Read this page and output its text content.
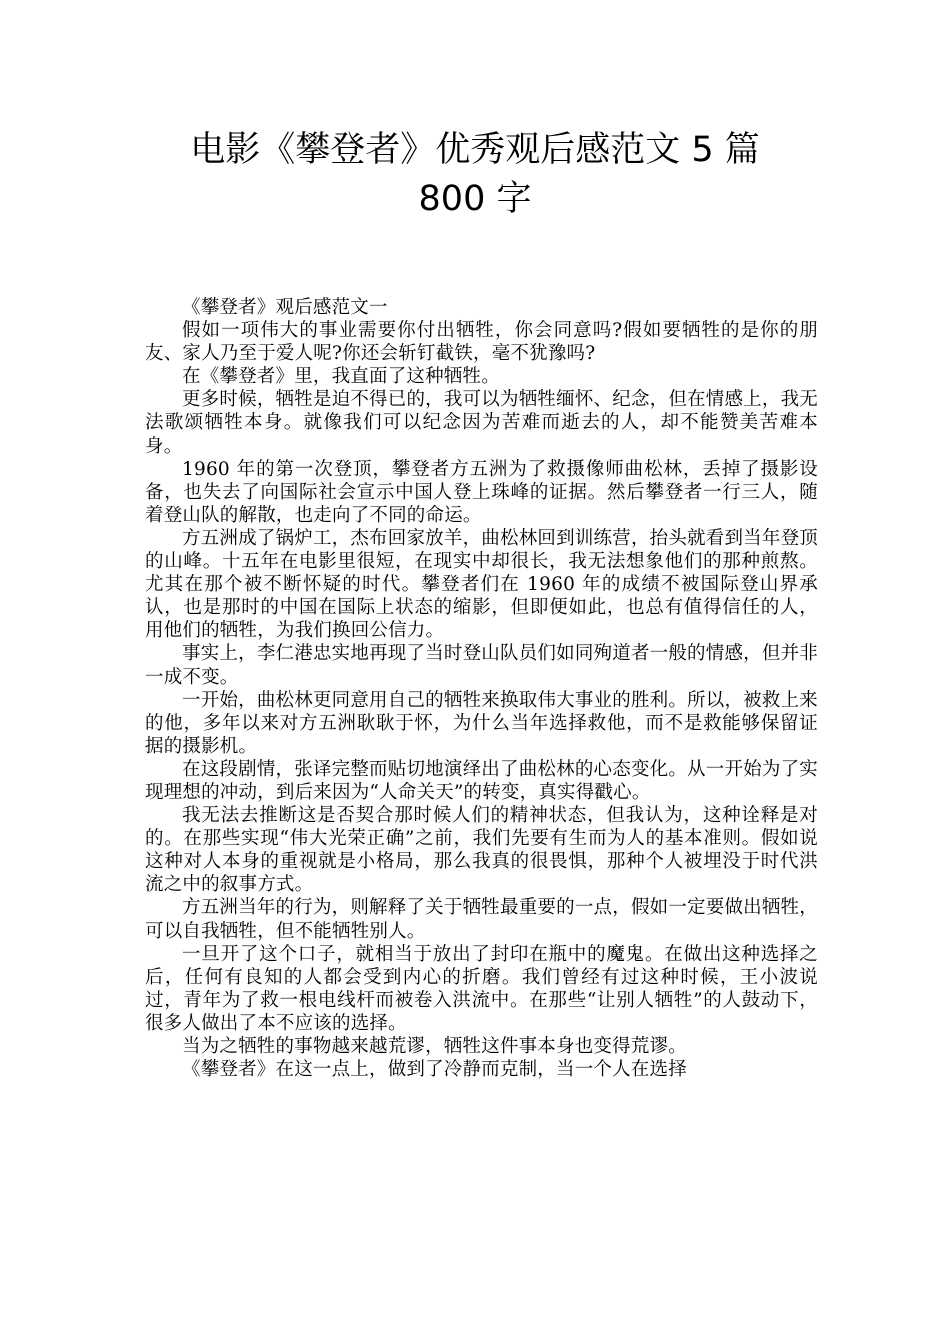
电影《攀登者》优秀观后感范文 5 篇
800 字

《攀登者》观后感范文一

假如一项伟大的事业需要你付出牺牲，你会同意吗?假如要牺牲的是你的朋友、家人乃至于爱人呢?你还会斩钉截铁，毫不犹豫吗?

在《攀登者》里，我直面了这种牺牲。

更多时候，牺牲是迫不得已的，我可以为牺牲缅怀、纪念，但在情感上，我无法歌颂牺牲本身。就像我们可以纪念因为苦难而逝去的人，却不能赞美苦难本身。

1960 年的第一次登顶，攀登者方五洲为了救摄像师曲松林，丢掉了摄影设备，也失去了向国际社会宣示中国人登上珠峰的证据。然后攀登者一行三人，随着登山队的解散，也走向了不同的命运。

方五洲成了锅炉工，杰布回家放羊，曲松林回到训练营，抬头就看到当年登顶的山峰。十五年在电影里很短，在现实中却很长，我无法想象他们的那种煎熬。尤其在那个被不断怀疑的时代。攀登者们在 1960 年的成绩不被国际登山界承认，也是那时的中国在国际上状态的缩影，但即便如此，也总有值得信任的人，用他们的牺牲，为我们换回公信力。

事实上，李仁港忠实地再现了当时登山队员们如同殉道者一般的情感，但并非一成不变。

一开始，曲松林更同意用自己的牺牲来换取伟大事业的胜利。所以，被救上来的他，多年以来对方五洲耿耿于怀，为什么当年选择救他，而不是救能够保留证据的摄影机。

在这段剧情，张译完整而贴切地演绎出了曲松林的心态变化。从一开始为了实现理想的冲动，到后来因为“人命关天”的转变，真实得戳心。

我无法去推断这是否契合那时候人们的精神状态，但我认为，这种诠释是对的。在那些实现“伟大光荣正确”之前，我们先要有生而为人的基本准则。假如说这种对人本身的重视就是小格局，那么我真的很畏惧，那种个人被埋没于时代洪流之中的叙事方式。

方五洲当年的行为，则解释了关于牺牲最重要的一点，假如一定要做出牺牲，可以自我牺牲，但不能牺牲别人。

一旦开了这个口子，就相当于放出了封印在瓶中的魔鬼。在做出这种选择之后，任何有良知的人都会受到内心的折磨。我们曾经有过这种时候，王小波说过，青年为了救一根电线杆而被卷入洪流中。在那些“让别人牺牲”的人鼓动下，很多人做出了本不应该的选择。

当为之牺牲的事物越来越荒谬，牺牲这件事本身也变得荒谬。

《攀登者》在这一点上，做到了冷静而克制，当一个人在选择
